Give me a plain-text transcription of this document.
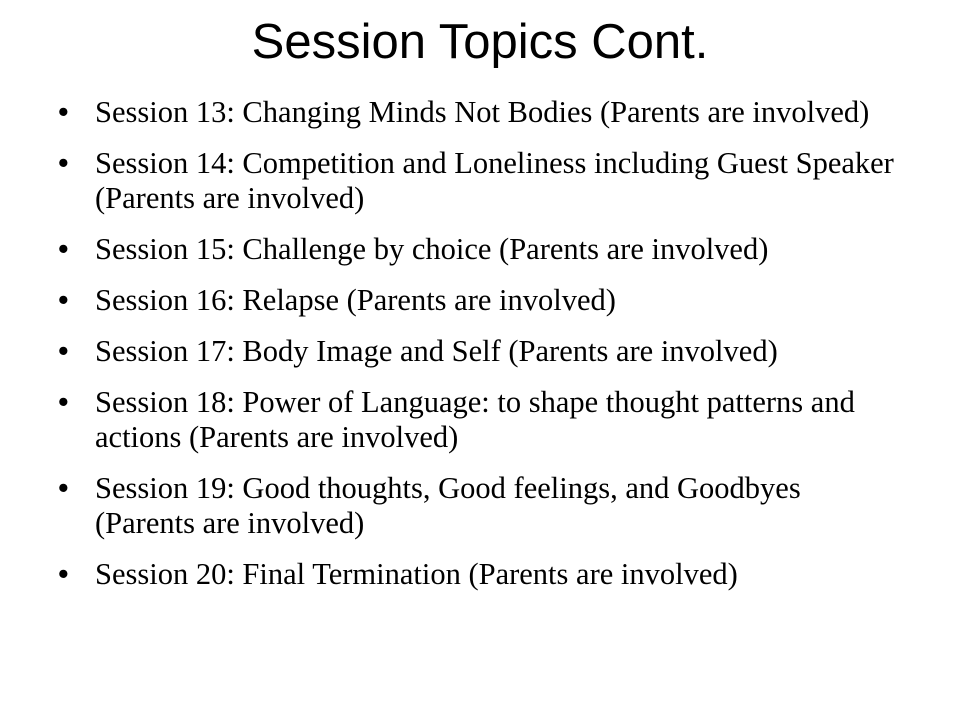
Session Topics Cont.
• Session 13: Changing Minds Not Bodies (Parents are involved)
• Session 14: Competition and Loneliness including Guest Speaker (Parents are involved)
• Session 15: Challenge by choice (Parents are involved)
• Session 16: Relapse (Parents are involved)
• Session 17: Body Image and Self (Parents are involved)
• Session 18: Power of Language: to shape thought patterns and actions (Parents are involved)
• Session 19: Good thoughts, Good feelings, and Goodbyes (Parents are involved)
• Session 20: Final Termination (Parents are involved)
